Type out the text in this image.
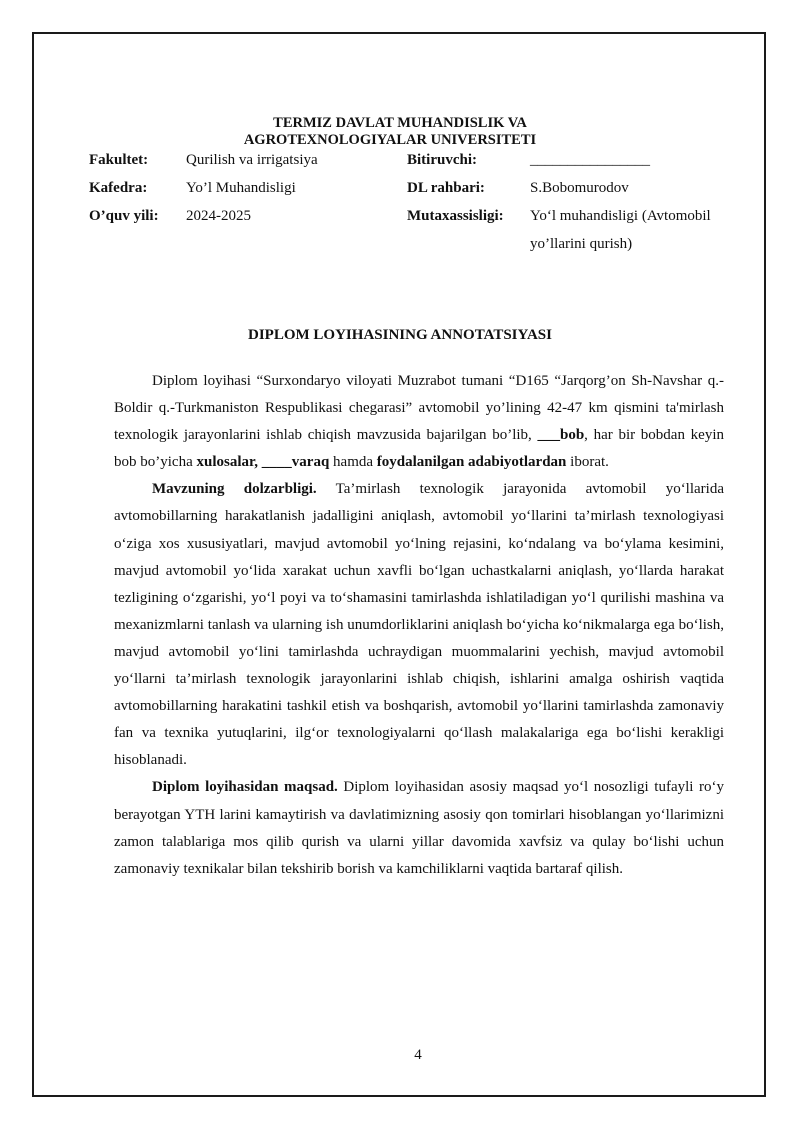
TERMIZ DAVLAT MUHANDISLIK VA
AGROTEXNOLOGIYALAR UNIVERSITETI
Fakultet:	Qurilish va irrigatsiya	Bitiruvchi:	________________
Kafedra:	Yo’l Muhandisligi	DL rahbari:	S.Bobomurodov
O’quv yili: 2024-2025	Mutaxassisligi: Yo‘l muhandisligi (Avtomobil
yo’llarini qurish)
DIPLOM LOYIHASINING ANNOTATSIYASI

Diplom loyihasi “Surxondaryo viloyati Muzrabot tumani “D165 “Jarqorg’on Sh-Navshar q.-Boldir q.-Turkmaniston Respublikasi chegarasi” avtomobil yo’lining 42-47 km qismini ta'mirlash texnologik jarayonlarini ishlab chiqish mavzusida bajarilgan bo’lib, ___bob, har bir bobdan keyin bob bo’yicha xulosalar, ____varaq hamda foydalanilgan adabiyotlardan iborat.

Mavzuning dolzarbligi. Ta’mirlash texnologik jarayonida avtomobil yo‘llarida avtomobillarning harakatlanish jadalligini aniqlash, avtomobil yo‘llarini ta’mirlash texnologiyasi o‘ziga xos xususiyatlari, mavjud avtomobil yo‘lning rejasini, ko‘ndalang va bo‘ylama kesimini, mavjud avtomobil yo‘lida xarakat uchun xavfli bo‘lgan uchastkalarni aniqlash, yo‘llarda harakat tezligining o‘zgarishi, yo‘l poyi va to‘shamasini tamirlashda ishlatiladigan yo‘l qurilishi mashina va mexanizmlarni tanlash va ularning ish unumdorliklarini aniqlash bo‘yicha ko‘nikmalarga ega bo‘lish, mavjud avtomobil yo‘lini tamirlashda uchraydigan muommalarini yechish, mavjud avtomobil yo‘llarni ta’mirlash texnologik jarayonlarini ishlab chiqish, ishlarini amalga oshirish vaqtida avtomobillarning harakatini tashkil etish va boshqarish, avtomobil yo‘llarini tamirlashda zamonaviy fan va texnika yutuqlarini, ilg‘or texnologiyalarni qo‘llash malakalariga ega bo‘lishi kerakligi hisoblanadi.

Diplom loyihasidan maqsad. Diplom loyihasidan asosiy maqsad yo‘l nosozligi tufayli ro‘y berayotgan YTH larini kamaytirish va davlatimizning asosiy qon tomirlari hisoblangan yo‘llarimizni zamon talablariga mos qilib qurish va ularni yillar davomida xavfsiz va qulay bo‘lishi uchun zamonaviy texnikalar bilan tekshirib borish va kamchiliklarni vaqtida bartaraf qilish.

4
